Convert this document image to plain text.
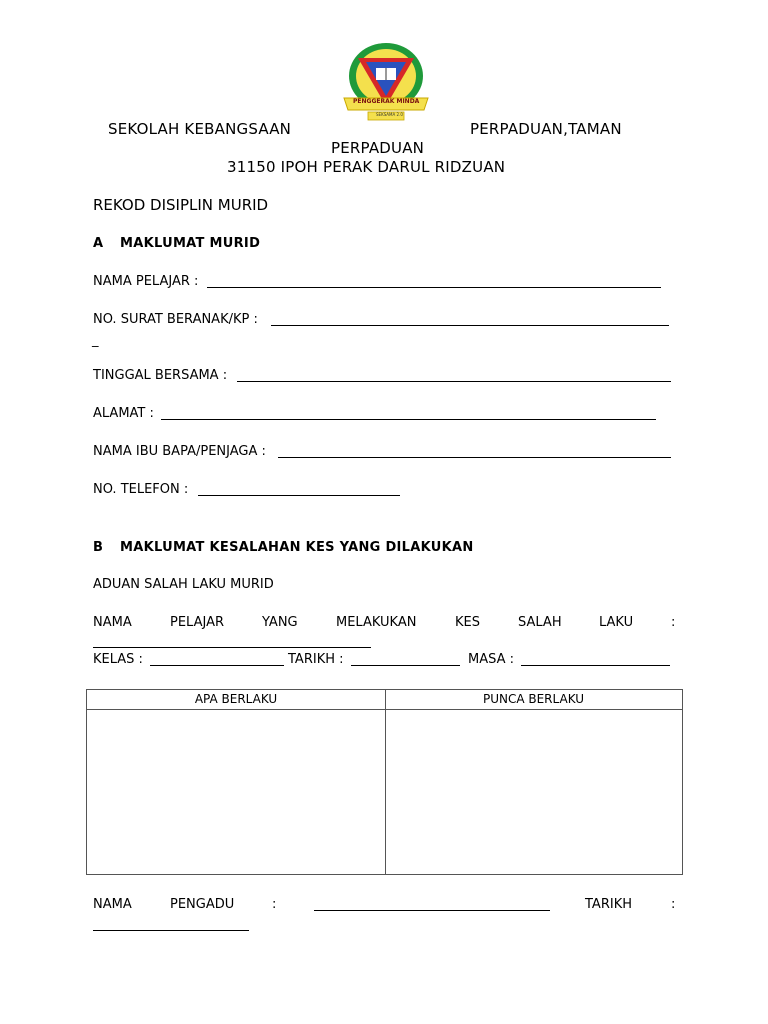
PENGGERAK MINDA
SEKSAMA 2.0
SEKOLAH KEBANGSAAN	PERPADUAN,TAMAN
PERPADUAN
31150 IPOH PERAK DARUL RIDZUAN
REKOD DISIPLIN MURID
A MAKLUMAT MURID
NAMA PELAJAR :
NO. SURAT BERANAK/KP :
_
TINGGAL BERSAMA :
ALAMAT :
NAMA IBU BAPA/PENJAGA :
NO. TELEFON :
B MAKLUMAT KESALAHAN KES YANG DILAKUKAN
ADUAN SALAH LAKU MURID
NAMA	PELAJAR	YANG	MELAKUKAN	KES	SALAH	LAKU	:
KELAS :	TARIKH :	MASA :
APA BERLAKU	PUNCA BERLAKU
NAMA	PENGADU	:	TARIKH	:
